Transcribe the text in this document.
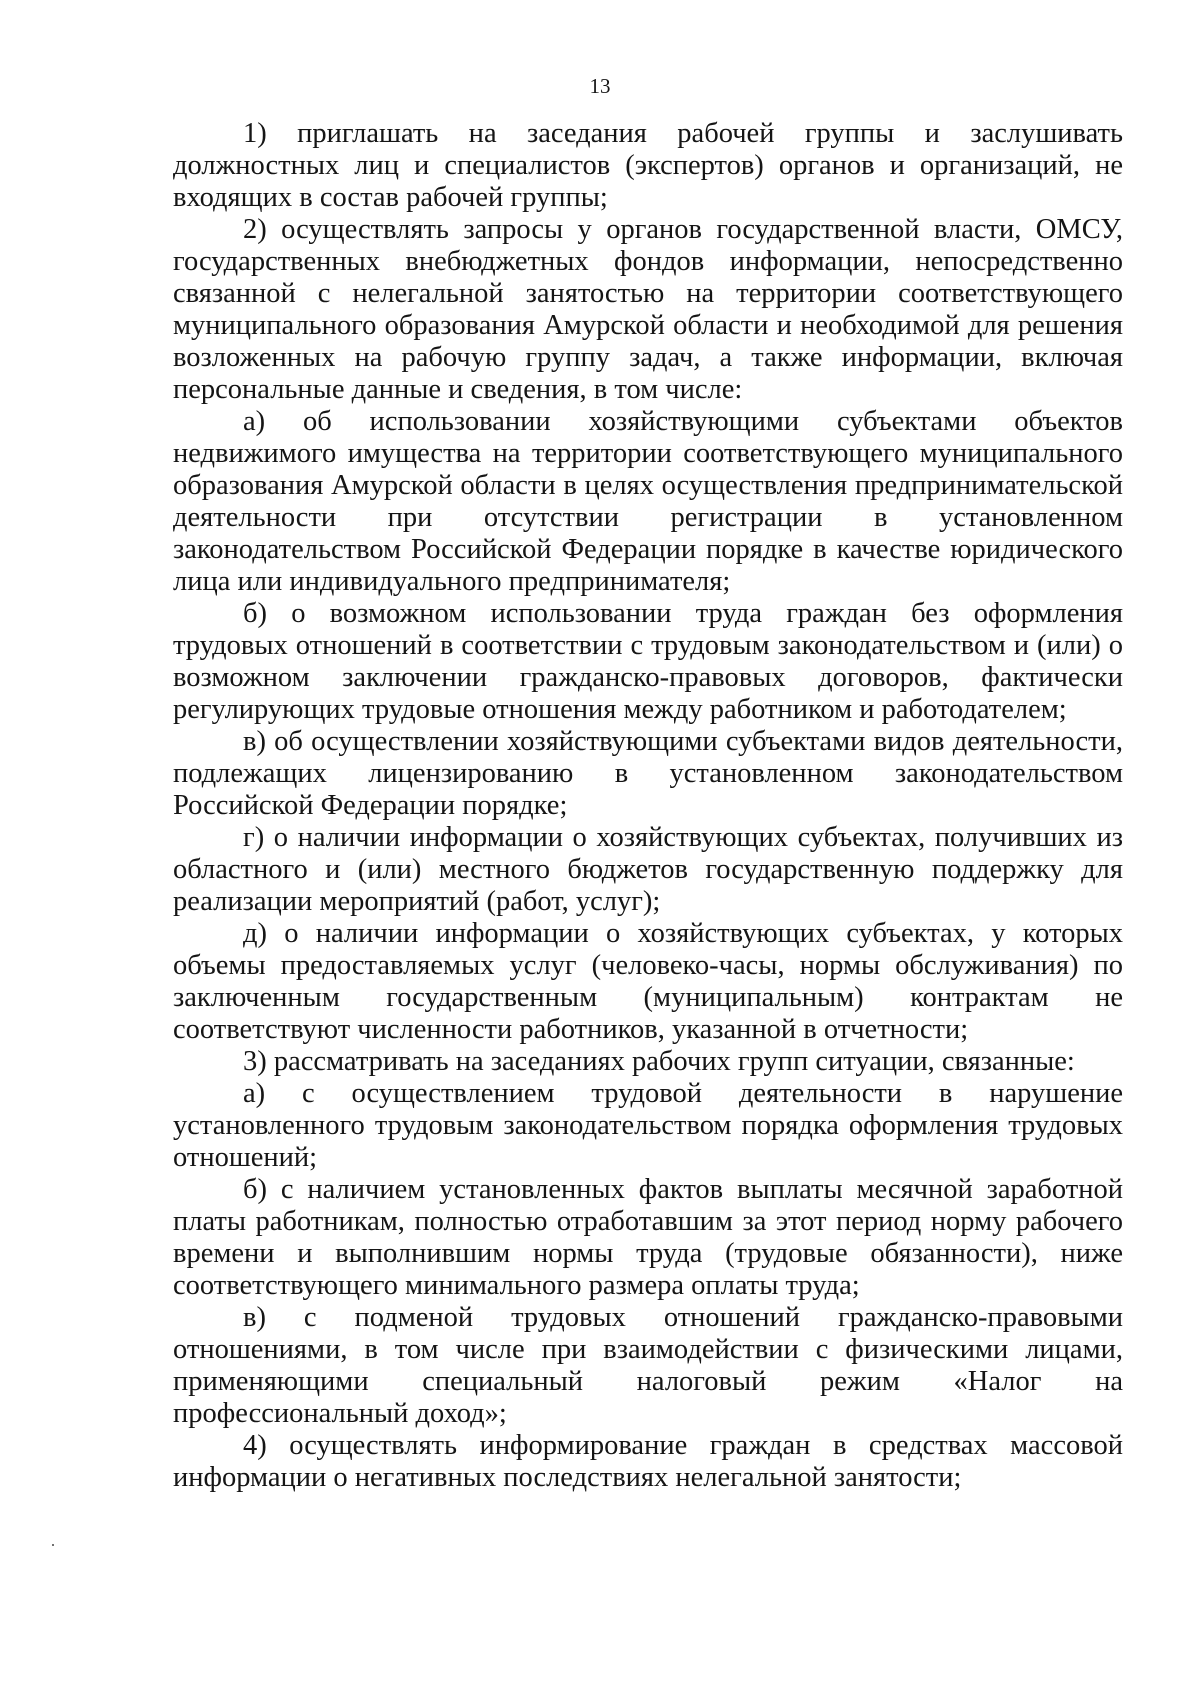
13

1) приглашать на заседания рабочей группы и заслушивать должностных лиц и специалистов (экспертов) органов и организаций, не входящих в состав рабочей группы;

2) осуществлять запросы у органов государственной власти, ОМСУ, государственных внебюджетных фондов информации, непосредственно связанной с нелегальной занятостью на территории соответствующего муниципального образования Амурской области и необходимой для решения возложенных на рабочую группу задач, а также информации, включая персональные данные и сведения, в том числе:

а) об использовании хозяйствующими субъектами объектов недвижимого имущества на территории соответствующего муниципального образования Амурской области в целях осуществления предпринимательской деятельности при отсутствии регистрации в установленном законодательством Российской Федерации порядке в качестве юридического лица или индивидуального предпринимателя;

б) о возможном использовании труда граждан без оформления трудовых отношений в соответствии с трудовым законодательством и (или) о возможном заключении гражданско-правовых договоров, фактически регулирующих трудовые отношения между работником и работодателем;

в) об осуществлении хозяйствующими субъектами видов деятельности, подлежащих лицензированию в установленном законодательством Российской Федерации порядке;

г) о наличии информации о хозяйствующих субъектах, получивших из областного и (или) местного бюджетов государственную поддержку для реализации мероприятий (работ, услуг);

д) о наличии информации о хозяйствующих субъектах, у которых объемы предоставляемых услуг (человеко-часы, нормы обслуживания) по заключенным государственным (муниципальным) контрактам не соответствуют численности работников, указанной в отчетности;

3) рассматривать на заседаниях рабочих групп ситуации, связанные:

а) с осуществлением трудовой деятельности в нарушение установленного трудовым законодательством порядка оформления трудовых отношений;

б) с наличием установленных фактов выплаты месячной заработной платы работникам, полностью отработавшим за этот период норму рабочего времени и выполнившим нормы труда (трудовые обязанности), ниже соответствующего минимального размера оплаты труда;

в) с подменой трудовых отношений гражданско-правовыми отношениями, в том числе при взаимодействии с физическими лицами, применяющими специальный налоговый режим «Налог на профессиональный доход»;

4) осуществлять информирование граждан в средствах массовой информации о негативных последствиях нелегальной занятости;
